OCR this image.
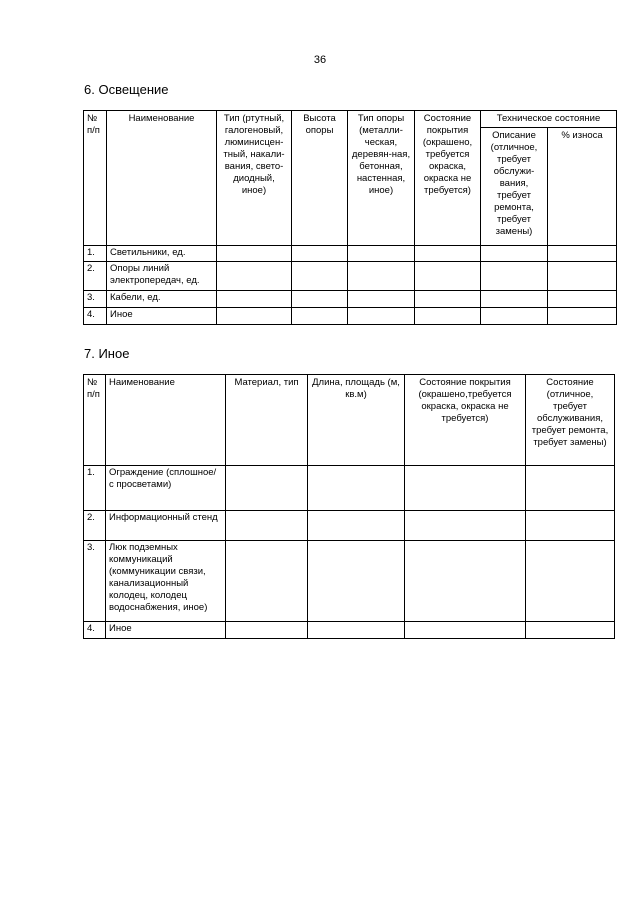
36
6. Освещение
№ п/п	Наименование	Тип (ртутный, галогеновый, люминисцен-тный, накали-вания, свето-диодный, иное)	Высота опоры	Тип опоры (металли-ческая, деревян-ная, бетонная, настенная, иное)	Состояние покрытия (окрашено, требуется окраска, окраска не требуется)	Техническое состояние	
						Описание (отличное, требует обслужи-вания, требует ремонта, требует замены)	% износа
1.	Светильники, ед.						
2.	Опоры линий электропередач, ед.						
3.	Кабели, ед.						
4.	Иное						
7. Иное
№ п/п	Наименование	Материал, тип	Длина, площадь (м, кв.м)	Состояние покрытия (окрашено,требуется окраска, окраска не требуется)	Состояние (отличное, требует обслуживания, требует ремонта, требует замены)
1.	Ограждение (сплошное/ с просветами)				
2.	Информационный стенд				
3.	Люк подземных коммуникаций (коммуникации связи, канализационный колодец, колодец водоснабжения, иное)				
4.	Иное				
